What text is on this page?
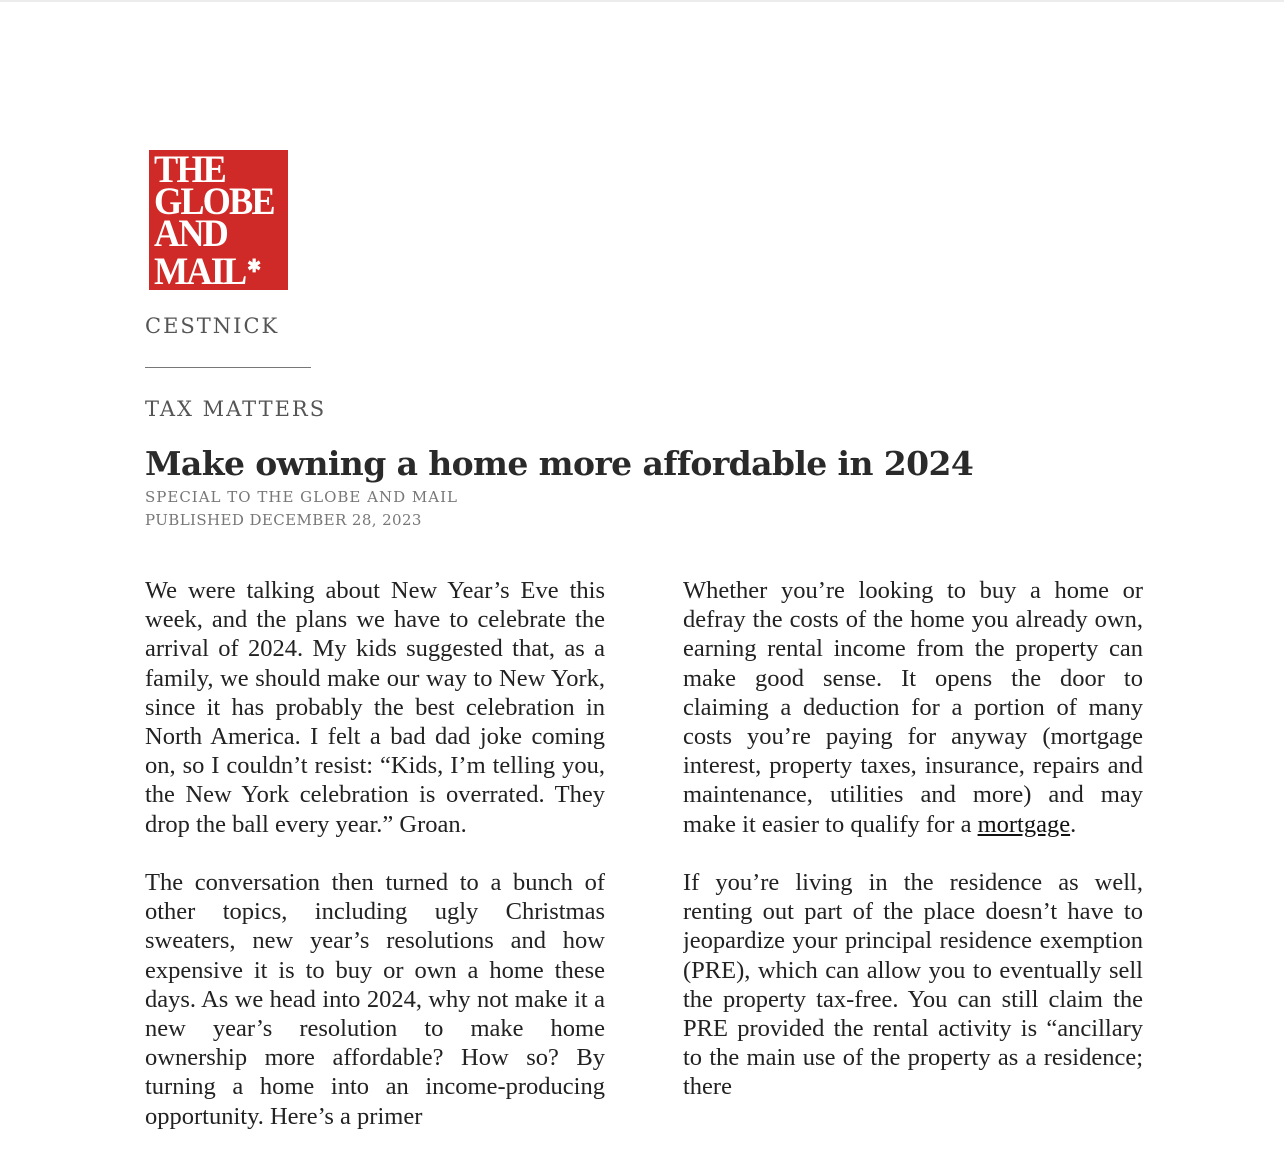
THE
GLOBE
AND
MAIL ✱
CESTNICK
TAX MATTERS
Make owning a home more affordable in 2024
SPECIAL TO THE GLOBE AND MAIL
PUBLISHED DECEMBER 28, 2023

We were talking about New Year’s Eve this week, and the plans we have to celebrate the arrival of 2024. My kids suggested that, as a family, we should make our way to New York, since it has probably the best celebration in North America. I felt a bad dad joke coming on, so I couldn’t resist: “Kids, I’m telling you, the New York celebration is overrated. They drop the ball every year.” Groan.

The conversation then turned to a bunch of other topics, including ugly Christmas sweaters, new year’s resolutions and how expensive it is to buy or own a home these days. As we head into 2024, why not make it a new year’s resolution to make home ownership more affordable? How so? By turning a home into an income-producing opportunity. Here’s a primer

Whether you’re looking to buy a home or defray the costs of the home you already own, earning rental income from the property can make good sense. It opens the door to claiming a deduction for a portion of many costs you’re paying for anyway (mortgage interest, property taxes, insurance, repairs and maintenance, utilities and more) and may make it easier to qualify for a mortgage.

If you’re living in the residence as well, renting out part of the place doesn’t have to jeopardize your principal residence exemption (PRE), which can allow you to eventually sell the property tax-free. You can still claim the PRE provided the rental activity is “ancillary to the main use of the property as a residence; there
